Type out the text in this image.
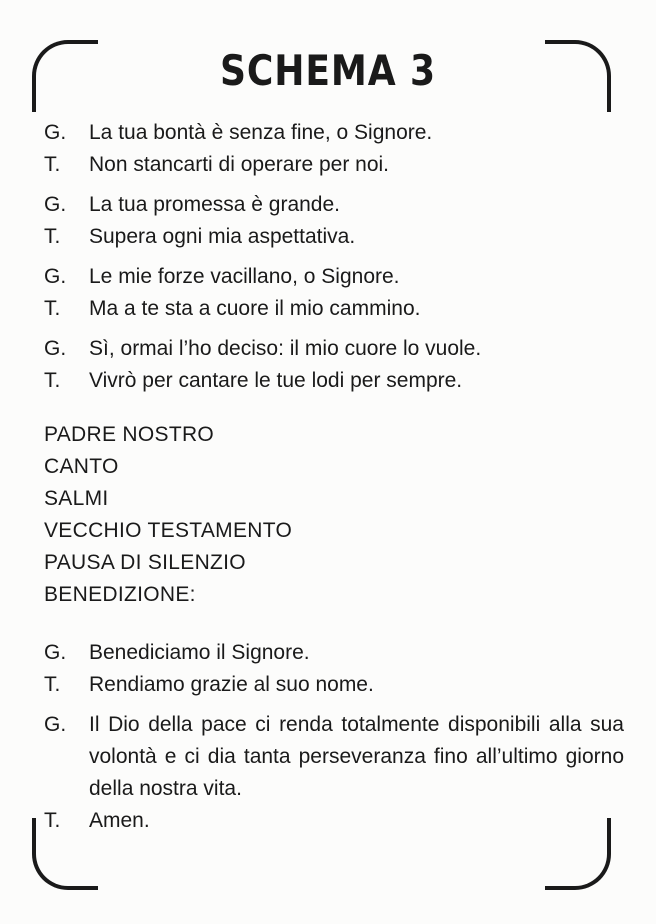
SCHEMA 3
G.	La tua bontà è senza fine, o Signore.
T.	Non stancarti di operare per noi.
G.	La tua promessa è grande.
T.	Supera ogni mia aspettativa.
G.	Le mie forze vacillano, o Signore.
T.	Ma a te sta a cuore il mio cammino.
G.	Sì, ormai l’ho deciso: il mio cuore lo vuole.
T.	Vivrò per cantare le tue lodi per sempre.
PADRE NOSTRO
CANTO
SALMI
VECCHIO TESTAMENTO
PAUSA DI SILENZIO
BENEDIZIONE:
G.	Benediciamo il Signore.
T.	Rendiamo grazie al suo nome.
G.	Il Dio della pace ci renda totalmente disponibili alla sua volontà e ci dia tanta perseveranza fino all’ultimo giorno della nostra vita.
T.	Amen.
